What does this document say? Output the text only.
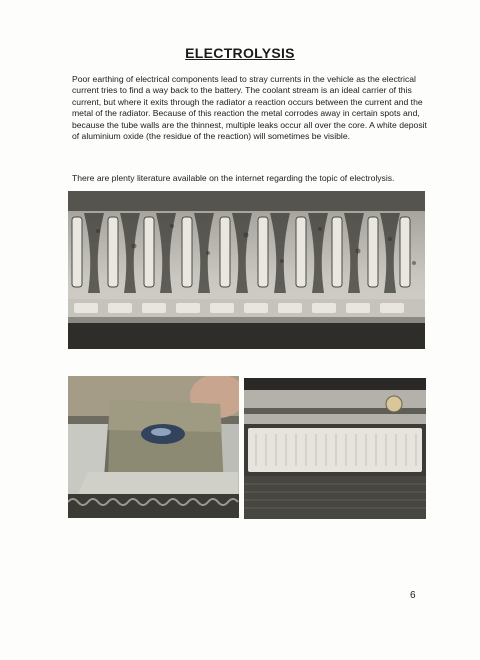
ELECTROLYSIS

Poor earthing of electrical components lead to stray currents in the vehicle as the electrical current tries to find a way back to the battery. The coolant stream is an ideal carrier of this current, but where it exits through the radiator a reaction occurs between the current and the metal of the radiator. Because of this reaction the metal corrodes away in certain spots and, because the tube walls are the thinnest, multiple leaks occur all over the core. A white deposit of aluminium oxide (the residue of the reaction) will sometimes be visible.

There are plenty literature available on the internet regarding the topic of electrolysis.

6
